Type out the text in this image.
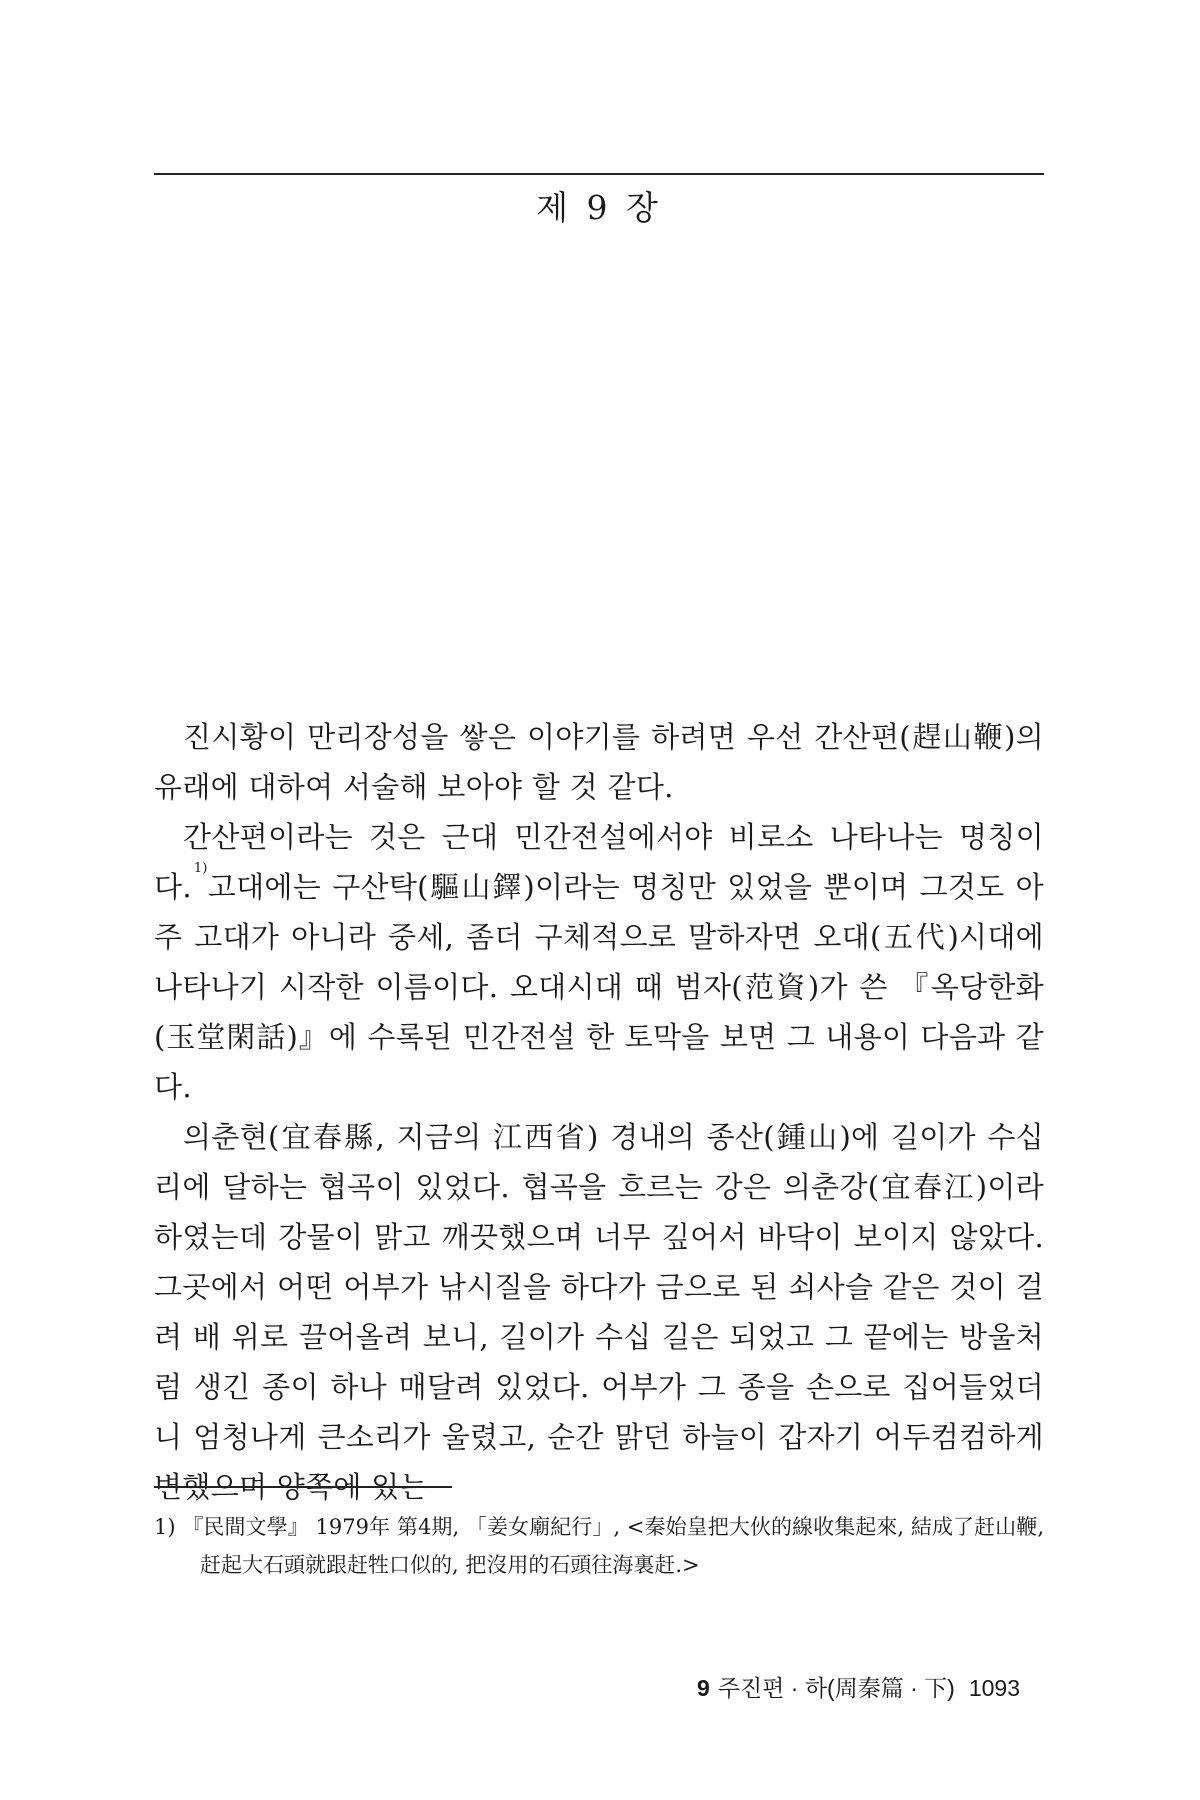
제 9 장

진시황이 만리장성을 쌓은 이야기를 하려면 우선 간산편(趕山鞭)의 유래에 대하여 서술해 보아야 할 것 같다.

간산편이라는 것은 근대 민간전설에서야 비로소 나타나는 명칭이다.$^{1)}$고대에는 구산탁(驅山鐸)이라는 명칭만 있었을 뿐이며 그것도 아주 고대가 아니라 중세, 좀더 구체적으로 말하자면 오대(五代)시대에 나타나기 시작한 이름이다. 오대시대 때 범자(范資)가 쓴 『옥당한화(玉堂閑話)』에 수록된 민간전설 한 토막을 보면 그 내용이 다음과 같다.

의춘현(宜春縣, 지금의 江西省) 경내의 종산(鍾山)에 길이가 수십 리에 달하는 협곡이 있었다. 협곡을 흐르는 강은 의춘강(宜春江)이라 하였는데 강물이 맑고 깨끗했으며 너무 깊어서 바닥이 보이지 않았다. 그곳에서 어떤 어부가 낚시질을 하다가 금으로 된 쇠사슬 같은 것이 걸려 배 위로 끌어올려 보니, 길이가 수십 길은 되었고 그 끝에는 방울처럼 생긴 종이 하나 매달려 있었다. 어부가 그 종을 손으로 집어들었더니 엄청나게 큰소리가 울렸고, 순간 맑던 하늘이 갑자기 어두컴컴하게 변했으며 양쪽에 있는

1) 『民間文學』 1979年 第4期, 「姜女廟紀行」, <秦始皇把大伙的線收集起來, 結成了赶山鞭, 赶起大石頭就跟赶牲口似的, 把沒用的石頭往海裏赶.>
9 주진편 · 하(周秦篇 · 下) 1093
